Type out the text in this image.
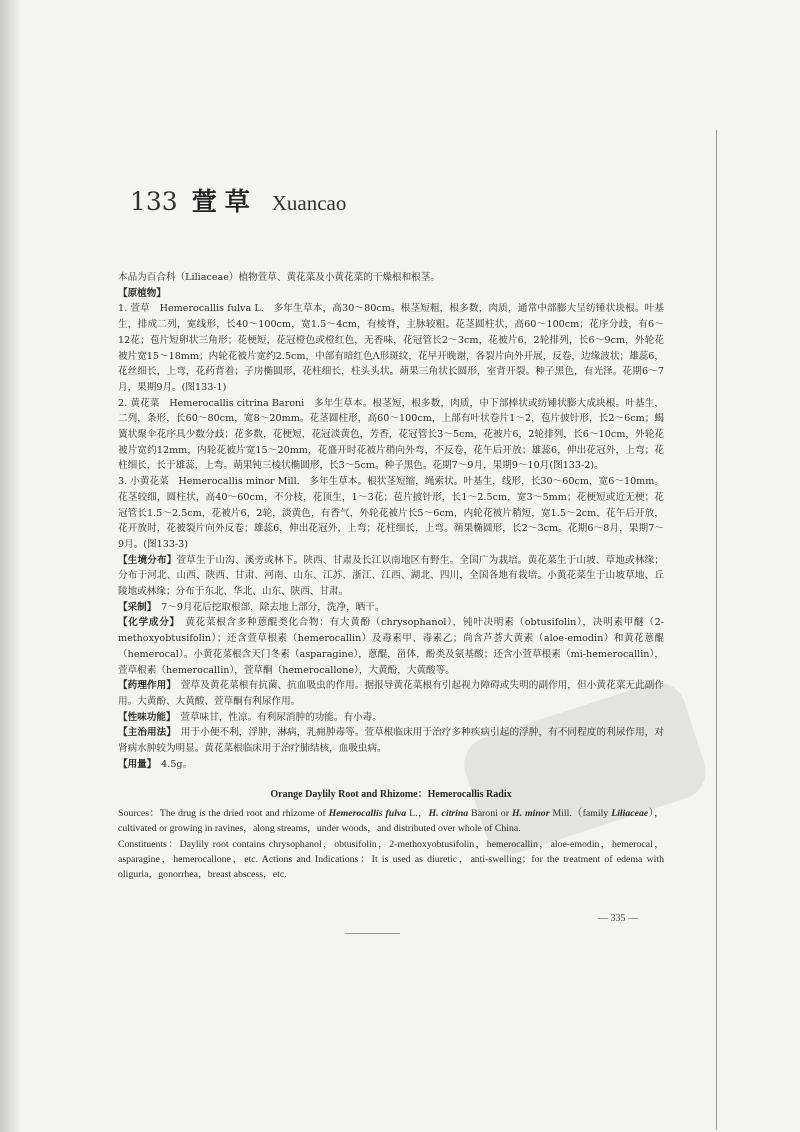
133 萱草 Xuancao

本品为百合科（Liliaceae）植物萱草、黄花菜及小黄花菜的干燥根和根茎。

【原植物】

1. 萱草　Hemerocallis fulva L.　多年生草本，高30～80cm。根茎短粗，根多数，肉质，通常中部膨大呈纺锤状块根。叶基生，排成二列，宽线形，长40～100cm，宽1.5～4cm，有棱脊，主脉较粗。花茎圆柱状，高60～100cm；花序分歧，有6～12花；苞片短卵状三角形；花梗短，花冠橙色或橙红色，无香味，花冠管长2～3cm，花被片6，2轮排列，长6～9cm，外轮花被片宽15～18mm；内轮花被片宽约2.5cm，中部有暗红色Λ形斑纹，花早开晚谢，各裂片向外开展，反卷，边缘波状；雄蕊6，花丝细长，上弯，花药背着；子房椭圆形，花柱细长，柱头头状。蒴果三角状长圆形，室背开裂。种子黑色，有光泽。花期6～7月，果期9月。(图133-1)

2. 黄花菜　Hemerocallis citrina Baroni　多年生草本。根茎短，根多数，肉质，中下部棒状或纺锤状膨大成块根。叶基生，二列，条形，长60～80cm，宽8～20mm。花茎圆柱形，高60～100cm，上部有叶状卷片1～2，苞片披针形，长2～6cm；蝎簧状聚伞花序具少数分歧；花多数，花梗短，花冠淡黄色，芳香，花冠管长3～5cm，花被片6，2轮排列，长6～10cm，外轮花被片宽约12mm，内轮花被片宽15～20mm，花盛开时花被片稍向外弯，不反卷，花午后开放；雄蕊6，伸出花冠外，上弯；花柱细长，长于雄蕊，上弯。蒴果钝三棱状椭圆形，长3～5cm。种子黑色。花期7～9月，果期9～10月(图133-2)。

3. 小黄花菜　Hemerocallis minor Mill.　多年生草本。根状茎短缩，绳索状。叶基生，线形，长30～60cm，宽6～10mm。花茎较细，圆柱状，高40～60cm，不分枝，花顶生，1～3花；苞片披针形，长1～2.5cm，宽3～5mm；花梗短或近无梗；花冠管长1.5～2.5cm，花被片6，2轮，淡黄色，有香气，外轮花被片长5～6cm，内轮花被片稍短，宽1.5～2cm，花午后开放，花开放时，花被裂片向外反卷；雄蕊6，伸出花冠外，上弯；花柱细长，上弯。蒴果椭圆形，长2～3cm。花期6～8月，果期7～9月。(图133-3)

【生境分布】萱草生于山沟、溪旁或林下。陕西、甘肃及长江以南地区有野生。全国广为栽培。黄花菜生于山坡、草地或林缘；分布于河北、山西、陕西、甘肃、河南、山东、江苏、浙江、江西、湖北、四川，全国各地有栽培。小黄花菜生于山坡草地、丘陵地或林缘；分布于东北、华北、山东、陕西、甘肃。

【采制】　 7～9月花后挖取根部，除去地上部分，洗净，晒干。

【化学成分】　 黄花菜根含多种蒽醌类化合物：有大黄酚（chrysophanol），钝叶决明素（obtusifolin），决明素甲醚（2-methoxyobtusifolin）；还含萱草根素（hemerocallin）及毒素甲、毒素乙；尚含芦荟大黄素（aloe-emodin）和黄花蒽醌（hemerocal）。小黄花菜根含天门冬素（asparagine），蒽醌，甾体，酚类及氨基酸；还含小萱草根素（mi-hemerocallin），萱草根素（hemerocallin），萱草酮（hemerocallone），大黄酚，大黄酸等。

【药理作用】　 萱草及黄花菜根有抗菌、抗血吸虫的作用。据报导黄花菜根有引起视力障碍或失明的副作用，但小黄花菜无此副作用。大黄酚、大黄酸、萱草酮有利尿作用。

【性味功能】　 萱草味甘，性凉。有利尿消肿的功能。有小毒。

【主治用法】　 用于小便不利，浮肿，淋病，乳痈肿毒等。萱草根临床用于治疗多种疾病引起的浮肿，有不同程度的利尿作用，对肾病水肿较为明显。黄花菜根临床用于治疗肺结核，血吸虫病。

【用量】　 4.5g。

Orange Daylily Root and Rhizome：Hemerocallis Radix

Sources：The drug is the dried root and rhizome of Hemerocallis fulva L.，H. citrina Baroni or H. minor Mill.（family Liliaceae），cultivated or growing in ravines，along streams，under woods，and distributed over whole of China.

Constituents：Daylily root contains chrysophanol，obtusifolin，2-methoxyobtusifolin，hemerocallin，aloe-emodin，hemerocal，asparagine，hemerocallone，etc. Actions and Indications：It is used as diuretic，anti-swelling；for the treatment of edema with oliguria，gonorrhea，breast abscess，etc.

— 335 —
